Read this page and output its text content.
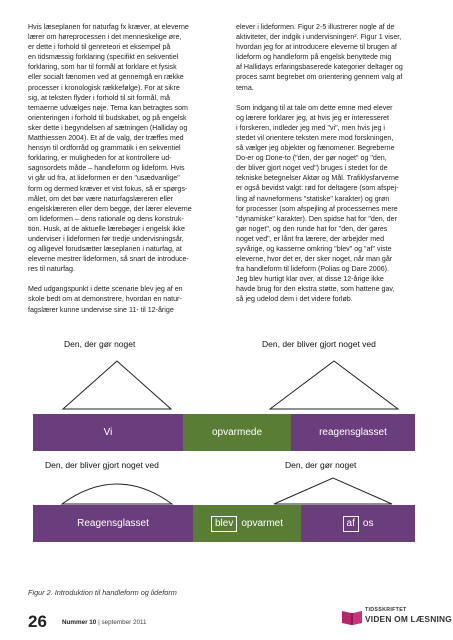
Hvis læseplanen for naturfag fx kræver, at eleverne
lærer om høreprocessen i det menneskelige øre,
er dette i forhold til genreteori et eksempel på
en tidsmæssig forklaring (specifikt en sekventiel
forklaring, som har til formål at forklare et fysisk
eller socialt fænomen ved at gennemgå en række
processer i kronologisk rækkefølge). For at sikre
sig, at teksten flyder i forhold til sit formål, må
temaerne udvælges nøje. Tema kan betragtes som
orienteringen i forhold til budskabet, og på engelsk
sker dette i begyndelsen af sætningen (Halliday og
Matthiessen 2004). Et af de valg, der træffes med
hensyn til ordforråd og grammatik i en sekventiel
forklaring, er muligheden for at kontrollere ud-
sagnsordets måde – handleform og lideform. Hvis
vi går ud fra, at lideformen er den "usædvanlige"
form og dermed kræver et vist fokus, så er spørgs-
målet, om det bør være naturfagslæreren eller
engelsklæreren eller dem begge, der lærer eleverne
om lideformen – dens rationale og dens konstruk-
tion. Husk, at de aktuelle lærebøger i engelsk ikke
underviser i lideformen før tredje undervisningsår,
og alligevel forudsætter læseplanen i naturfag, at
eleverne mestrer lideformen, så snart de introduce-
res til naturfag.

Med udgangspunkt i dette scenarie blev jeg af en
skole bedt om at demonstrere, hvordan en natur-
fagslærer kunne undervise sine 11- til 12-årige

elever i lideformen. Figur 2-5 illustrerer nogle af de
aktiviteter, der indgik i undervisningen². Figur 1 viser,
hvordan jeg for at introducere eleverne til brugen af
lideform og handleform på engelsk benyttede mig
af Hallidays erfaringsbaserede kategorier deltager og
proces samt begrebet om orientering gennem valg af
tema.

Som indgang til at tale om dette emne med elever
og lærere forklarer jeg, at hvis jeg er interesseret
i forskeren, indleder jeg med "vi", men hvis jeg i
stedet vil orientere teksten mere mod forskningen,
så vælger jeg objekter og fænomener. Begreberne
Do-er og Done-to ("den, der gør noget" og "den,
der bliver gjort noget ved") bruges i stedet for de
tekniske betegnelser Aktør og Mål. Trafiklysfarverne
er også bevidst valgt: rød for deltagere (som afspej-
ling af navneformens "statiske" karakter) og grøn
for processer (som afspejling af processernes mere
"dynamiske" karakter). Den spidse hat for "den, der
gør noget", og den runde hat for "den, der gøres
noget ved", er lånt fra lærere, der arbejder med
syvårige, og kasserne omkring "blev" og "af" viste
eleverne, hvor det er, der sker noget, når man går
fra handleform til lideform (Polias og Dare 2006).
Jeg blev hurtigt klar over, at disse 12-årige ikke
havde brug for den ekstra støtte, som hattene gav,
så jeg udelod dem i det videre forløb.

Den, der gør noget	Den, der bliver gjort noget ved
Vi	opvarmede	reagensglasset
Den, der bliver gjort noget ved	Den, der gør noget
Reagensglasset	blev opvarmet	af os
Figur 2. Introduktion til handleform og lideform
26 Nummer 10 | september 2011
TIDSSKRIFTET
VIDEN OM LÆSNING
